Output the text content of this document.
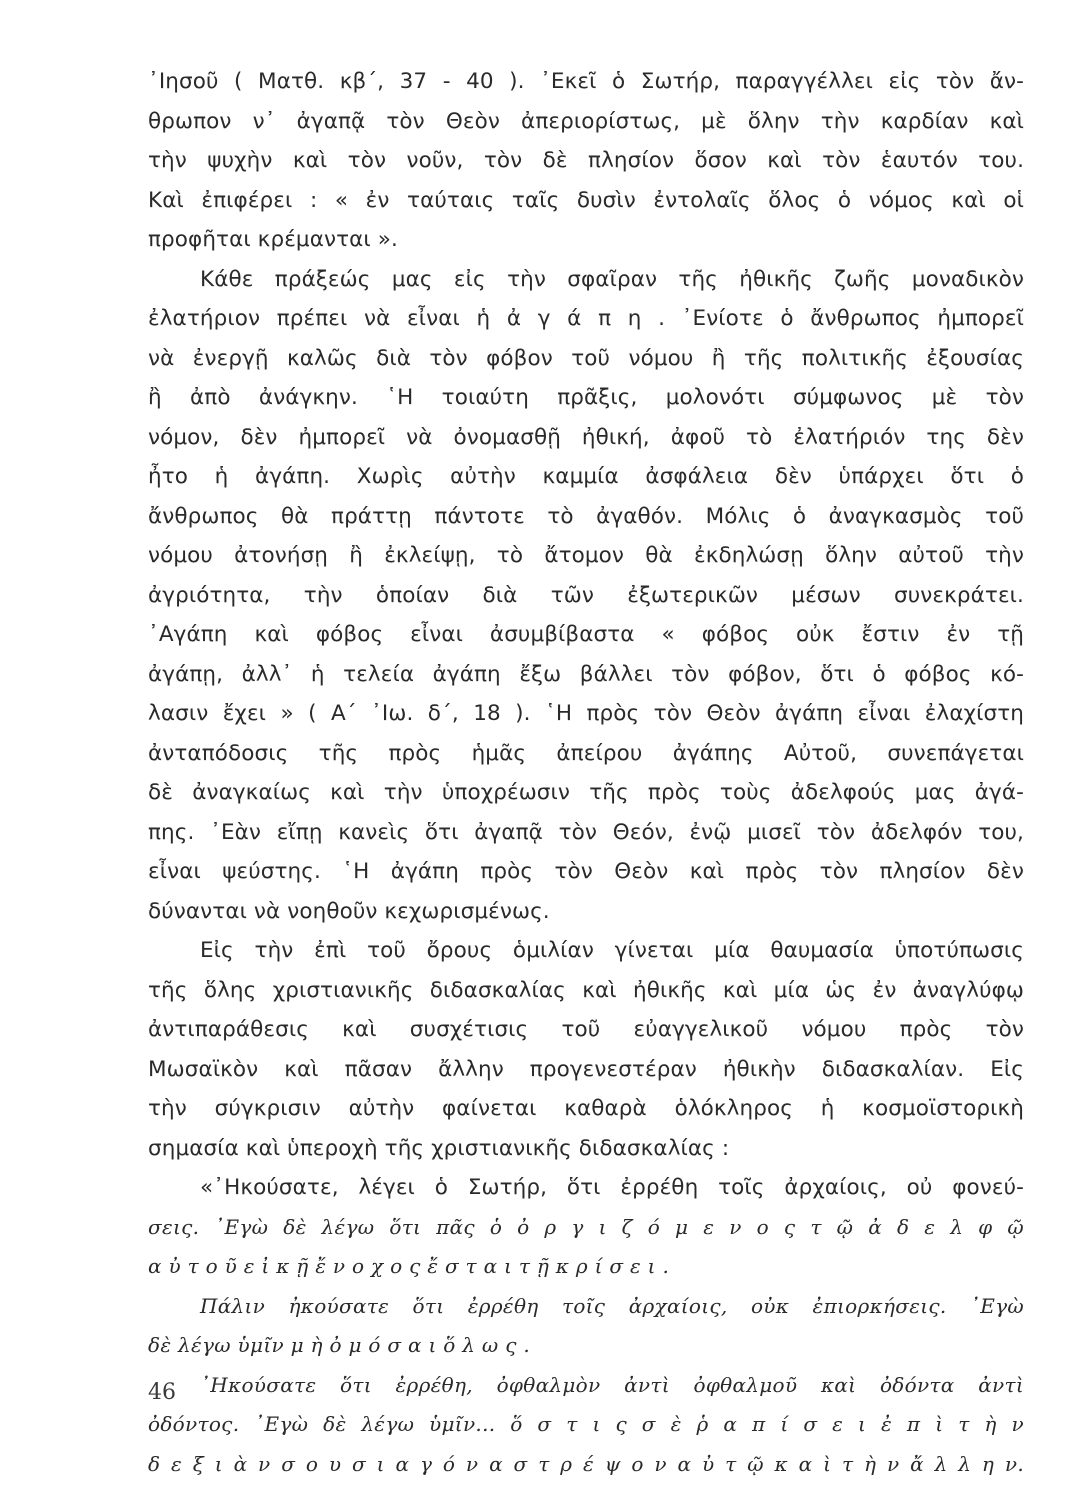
᾽Ιησοῦ ( Ματθ. κβ΄, 37 - 40 ). ᾽Εκεῖ ὁ Σωτήρ, παραγγέλλει εἰς τὸν ἄν-
θρωπον ν᾽ ἀγαπᾷ τὸν Θεὸν ἀπεριορίστως, μὲ ὅλην τὴν καρδίαν καὶ
τὴν ψυχὴν καὶ τὸν νοῦν, τὸν δὲ πλησίον ὅσον καὶ τὸν ἑαυτόν του.
Καὶ ἐπιφέρει : « ἐν ταύταις ταῖς δυσὶν ἐντολαῖς ὅλος ὁ νόμος καὶ οἱ
προφῆται κρέμανται ».
Κάθε πράξεώς μας εἰς τὴν σφαῖραν τῆς ἠθικῆς ζωῆς μοναδικὸν
ἐλατήριον πρέπει νὰ εἶναι ἡ ἀ γ ά π η . ᾽Ενίοτε ὁ ἄνθρωπος ἠμπορεῖ
νὰ ἐνεργῇ καλῶς διὰ τὸν φόβον τοῦ νόμου ἢ τῆς πολιτικῆς ἐξουσίας
ἢ ἀπὸ ἀνάγκην. ῾Η τοιαύτη πρᾶξις, μολονότι σύμφωνος μὲ τὸν
νόμον, δὲν ἠμπορεῖ νὰ ὀνομασθῇ ἠθική, ἀφοῦ τὸ ἐλατήριόν της δὲν
ἦτο ἡ ἀγάπη. Χωρὶς αὐτὴν καμμία ἀσφάλεια δὲν ὑπάρχει ὅτι ὁ
ἄνθρωπος θὰ πράττῃ πάντοτε τὸ ἀγαθόν. Μόλις ὁ ἀναγκασμὸς τοῦ
νόμου ἀτονήσῃ ἢ ἐκλείψῃ, τὸ ἄτομον θὰ ἐκδηλώσῃ ὅλην αὐτοῦ τὴν
ἀγριότητα, τὴν ὁποίαν διὰ τῶν ἐξωτερικῶν μέσων συνεκράτει.
᾽Αγάπη καὶ φόβος εἶναι ἀσυμβίβαστα « φόβος οὐκ ἔστιν ἐν τῇ
ἀγάπῃ, ἀλλ᾽ ἡ τελεία ἀγάπη ἔξω βάλλει τὸν φόβον, ὅτι ὁ φόβος κό-
λασιν ἔχει » ( Α΄ ᾽Ιω. δ΄, 18 ). ῾Η πρὸς τὸν Θεὸν ἀγάπη εἶναι ἐλαχίστη
ἀνταπόδοσις τῆς πρὸς ἡμᾶς ἀπείρου ἀγάπης Αὐτοῦ, συνεπάγεται
δὲ ἀναγκαίως καὶ τὴν ὑποχρέωσιν τῆς πρὸς τοὺς ἀδελφούς μας ἀγά-
πης. ᾽Εὰν εἴπῃ κανεὶς ὅτι ἀγαπᾷ τὸν Θεόν, ἐνῷ μισεῖ τὸν ἀδελφόν του,
εἶναι ψεύστης. ῾Η ἀγάπη πρὸς τὸν Θεὸν καὶ πρὸς τὸν πλησίον δὲν
δύνανται νὰ νοηθοῦν κεχωρισμένως.
Εἰς τὴν ἐπὶ τοῦ ὄρους ὁμιλίαν γίνεται μία θαυμασία ὑποτύπωσις
τῆς ὅλης χριστιανικῆς διδασκαλίας καὶ ἠθικῆς καὶ μία ὡς ἐν ἀναγλύφῳ
ἀντιπαράθεσις καὶ συσχέτισις τοῦ εὐαγγελικοῦ νόμου πρὸς τὸν
Μωσαϊκὸν καὶ πᾶσαν ἄλλην προγενεστέραν ἠθικὴν διδασκαλίαν. Εἰς
τὴν σύγκρισιν αὐτὴν φαίνεται καθαρὰ ὁλόκληρος ἡ κοσμοϊστορικὴ
σημασία καὶ ὑπεροχὴ τῆς χριστιανικῆς διδασκαλίας :
«᾽Ηκούσατε, λέγει ὁ Σωτήρ, ὅτι ἐρρέθη τοῖς ἀρχαίοις, οὐ φονεύ-
σεις. ᾽Εγὼ δὲ λέγω ὅτι πᾶς ὁ ὀ ρ γ ι ζ ό μ ε ν ο ς τ ῷ ἀ δ ε λ φ ῷ
α ὐ τ ο ῦ ε ἰ κ ῇ ἔ ν ο χ ο ς ἔ σ τ α ι τ ῇ κ ρ ί σ ε ι .
Πάλιν ἠκούσατε ὅτι ἐρρέθη τοῖς ἀρχαίοις, οὐκ ἐπιορκήσεις. ᾽Εγὼ
δὲ λέγω ὑμῖν μ ὴ ὀ μ ό σ α ι ὅ λ ω ς .
᾽Ηκούσατε ὅτι ἐρρέθη, ὀφθαλμὸν ἀντὶ ὀφθαλμοῦ καὶ ὀδόντα ἀντὶ
ὀδόντος. ᾽Εγὼ δὲ λέγω ὑμῖν... ὅ σ τ ι ς σ ὲ ῥ α π ί σ ε ι ἐ π ὶ τ ὴ ν
δ ε ξ ι ὰ ν σ ο υ σ ι α γ ό ν α σ τ ρ έ ψ ο ν α ὐ τ ῷ κ α ὶ τ ὴ ν ἄ λ λ η ν.
46
